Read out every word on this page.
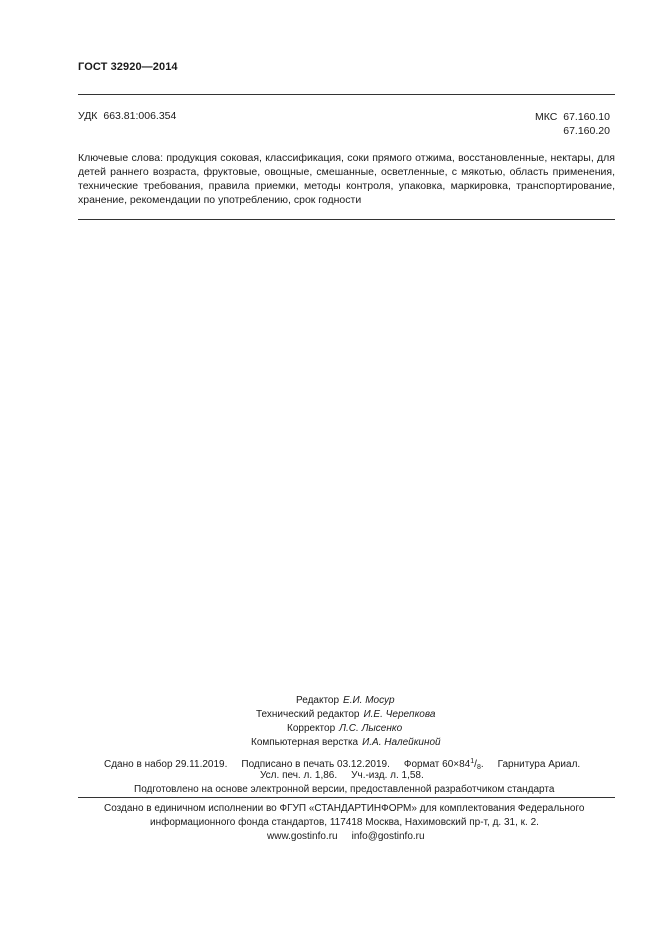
ГОСТ 32920—2014
УДК 663.81:006.354	МКС 67.160.10
67.160.20
Ключевые слова: продукция соковая, классификация, соки прямого отжима, восстановленные, нектары, для детей раннего возраста, фруктовые, овощные, смешанные, осветленные, с мякотью, область применения, технические требования, правила приемки, методы контроля, упаковка, маркировка, транспортирование, хранение, рекомендации по употреблению, срок годности
Редактор Е.И. Мосур
Технический редактор И.Е. Черепкова
Корректор Л.С. Лысенко
Компьютерная верстка И.А. Налейкиной
Сдано в набор 29.11.2019. Подписано в печать 03.12.2019. Формат $60\times 84^1/_8$. Гарнитура Ариал.
Усл. печ. л. 1,86. Уч.-изд. л. 1,58.
Подготовлено на основе электронной версии, предоставленной разработчиком стандарта
Создано в единичном исполнении во ФГУП «СТАНДАРТИНФОРМ» для комплектования Федерального
информационного фонда стандартов, 117418 Москва, Нахимовский пр-т, д. 31, к. 2.
www.gostinfo.ru info@gostinfo.ru
